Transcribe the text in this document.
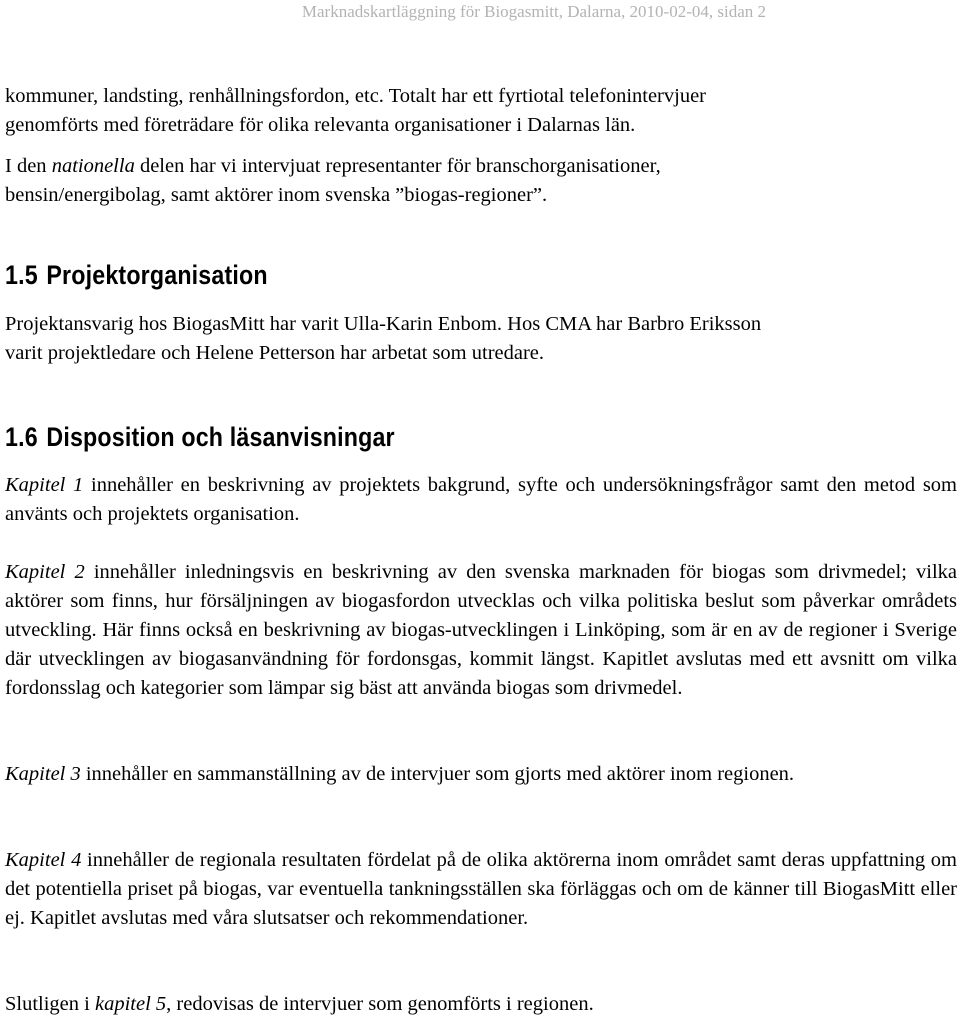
Marknadskartläggning för Biogasmitt, Dalarna, 2010-02-04, sidan 2
kommuner, landsting, renhållningsfordon, etc. Totalt har ett fyrtiotal telefonintervjuer
genomförts med företrädare för olika relevanta organisationer i Dalarnas län.
I den nationella delen har vi intervjuat representanter för branschorganisationer,
bensin/energibolag, samt aktörer inom svenska ”biogas-regioner”.
1.5 Projektorganisation
Projektansvarig hos BiogasMitt har varit Ulla-Karin Enbom. Hos CMA har Barbro Eriksson
varit projektledare och Helene Petterson har arbetat som utredare.
1.6 Disposition och läsanvisningar

Kapitel 1 innehåller en beskrivning av projektets bakgrund, syfte och undersökningsfrågor samt den metod som använts och projektets organisation.

Kapitel 2 innehåller inledningsvis en beskrivning av den svenska marknaden för biogas som drivmedel; vilka aktörer som finns, hur försäljningen av biogasfordon utvecklas och vilka politiska beslut som påverkar områdets utveckling. Här finns också en beskrivning av biogas-utvecklingen i Linköping, som är en av de regioner i Sverige där utvecklingen av biogasanvändning för fordonsgas, kommit längst. Kapitlet avslutas med ett avsnitt om vilka fordonsslag och kategorier som lämpar sig bäst att använda biogas som drivmedel.

Kapitel 3 innehåller en sammanställning av de intervjuer som gjorts med aktörer inom regionen.

Kapitel 4 innehåller de regionala resultaten fördelat på de olika aktörerna inom området samt deras uppfattning om det potentiella priset på biogas, var eventuella tankningsställen ska förläggas och om de känner till BiogasMitt eller ej. Kapitlet avslutas med våra slutsatser och rekommendationer.

Slutligen i kapitel 5, redovisas de intervjuer som genomförts i regionen.
